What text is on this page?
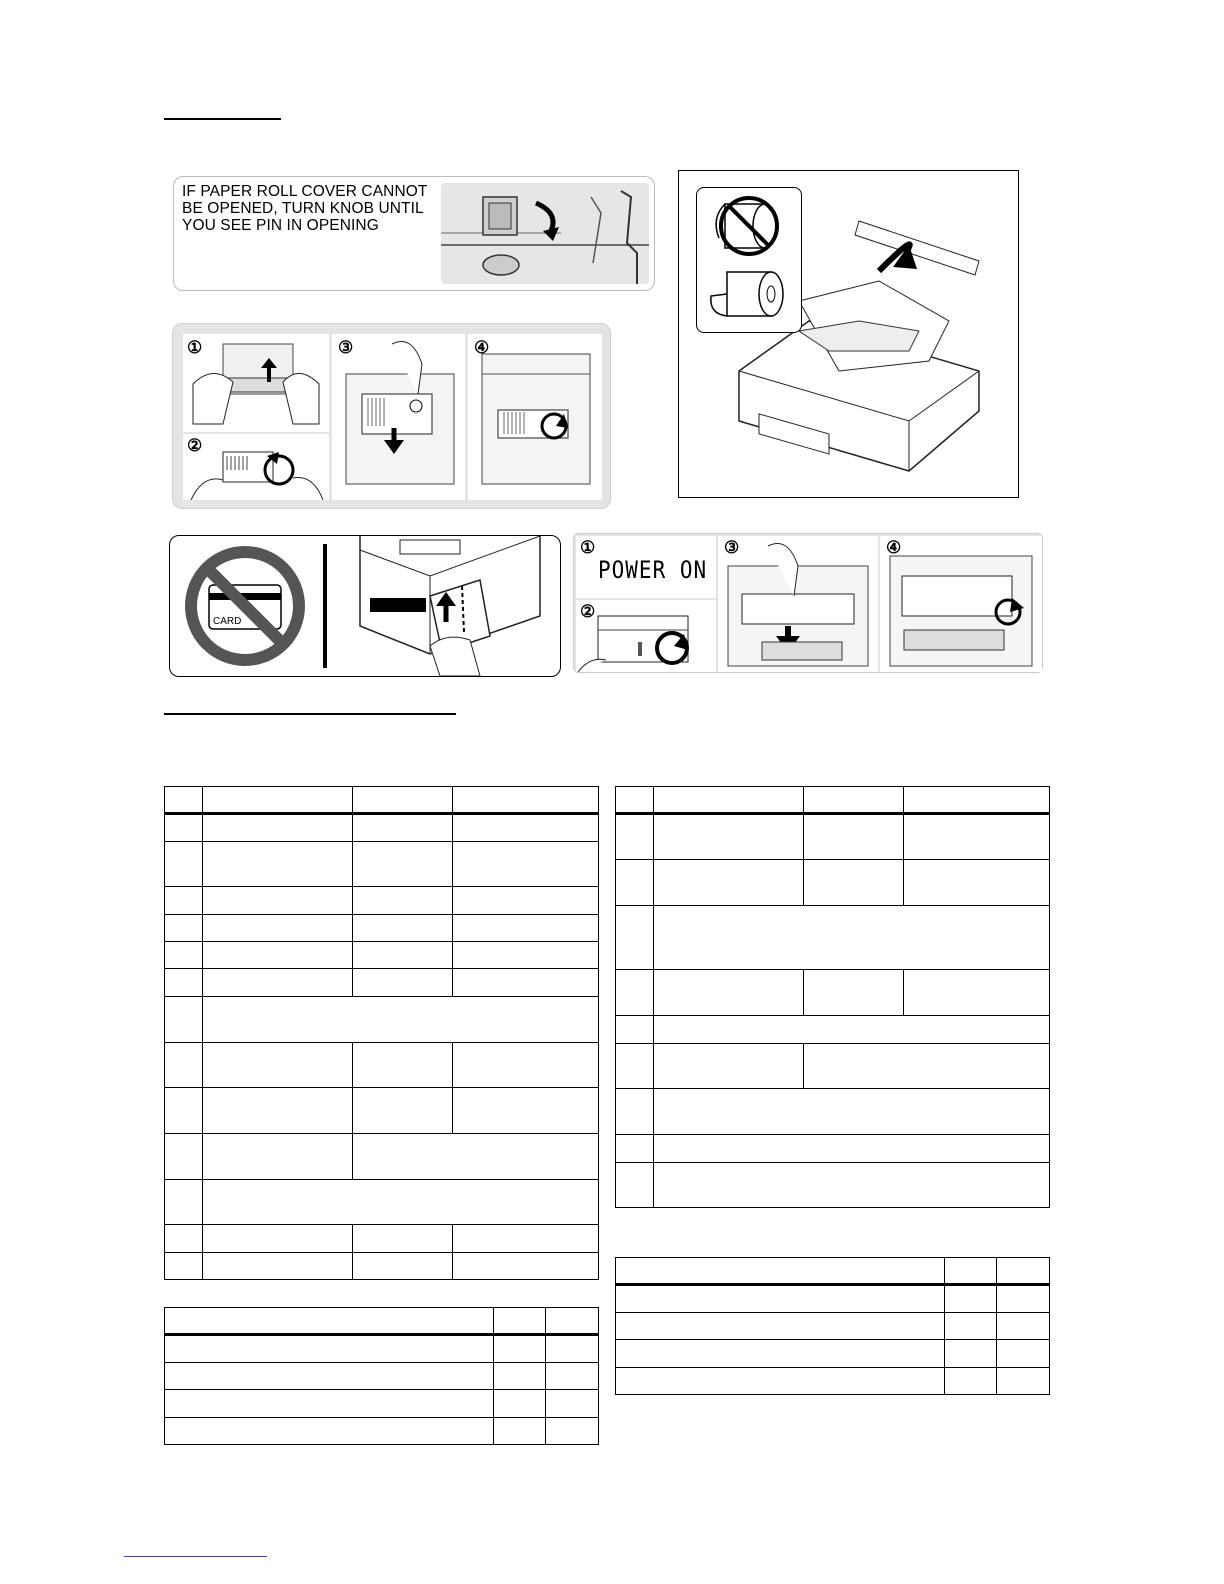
IF PAPER ROLL COVER CANNOT
BE OPENED, TURN KNOB UNTIL
YOU SEE PIN IN OPENING
①
②
③	④
CARD
①
POWER ON
②
③	④
